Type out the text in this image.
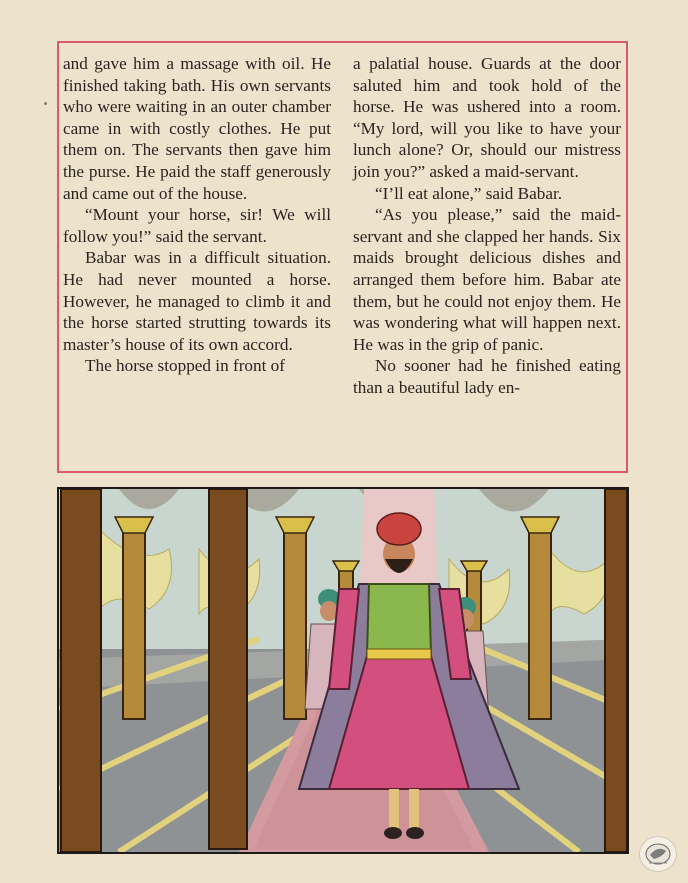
and gave him a massage with oil. He finished taking bath. His own servants who were waiting in an outer chamber came in with costly clothes. He put them on. The servants then gave him the purse. He paid the staff generously and came out of the house.

“Mount your horse, sir! We will follow you!” said the servant.

Babar was in a difficult situation. He had never mounted a horse. However, he managed to climb it and the horse started strutting towards its master’s house of its own accord.

The horse stopped in front of

a palatial house. Guards at the door saluted him and took hold of the horse. He was ushered into a room. “My lord, will you like to have your lunch alone? Or, should our mistress join you?” asked a maid-servant.

“I’ll eat alone,” said Babar.

“As you please,” said the maid-servant and she clapped her hands. Six maids brought delicious dishes and arranged them before him. Babar ate them, but he could not enjoy them. He was wondering what will happen next. He was in the grip of panic.

No sooner had he finished eating than a beautiful lady en-
